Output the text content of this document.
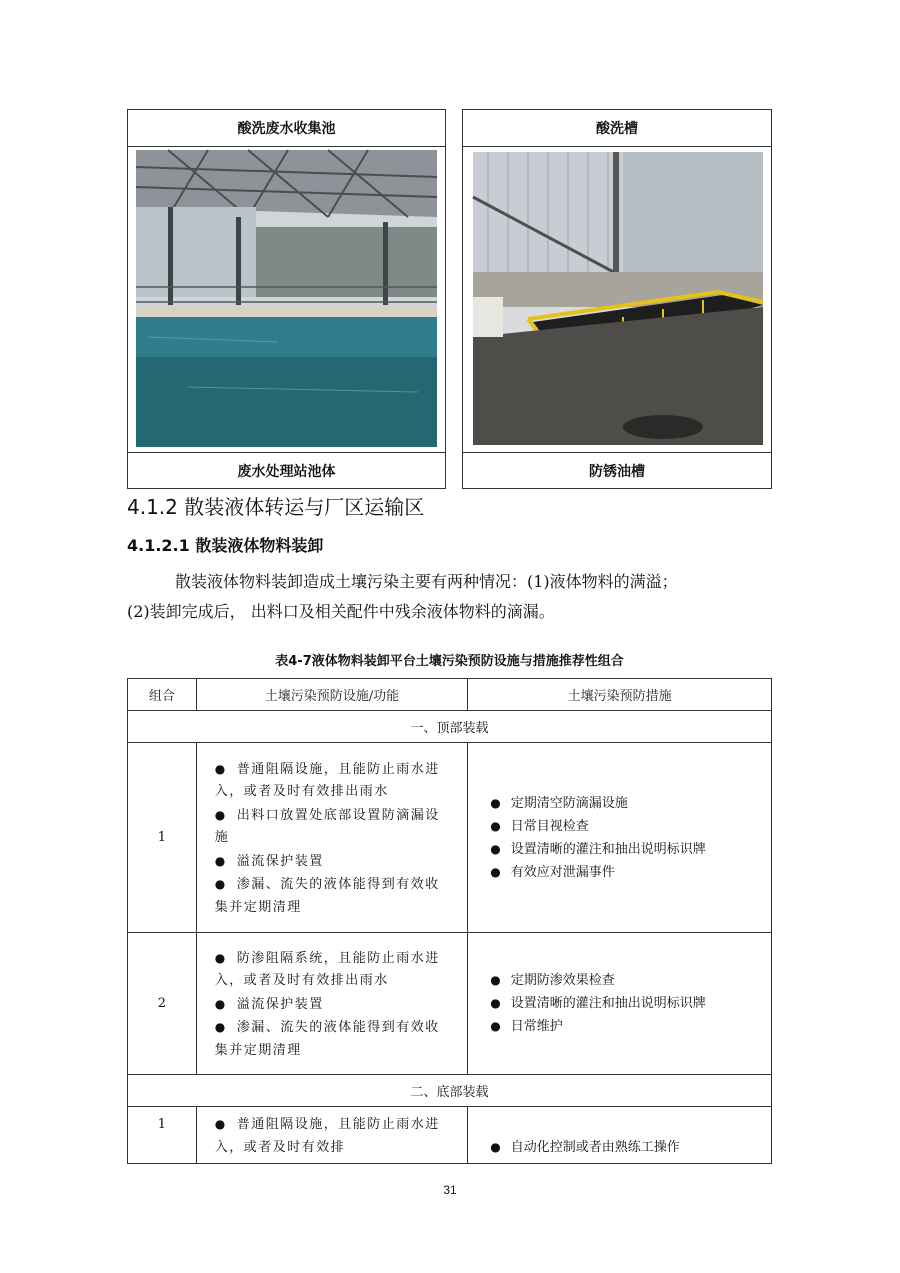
酸洗废水收集池	酸洗槽
废水处理站池体	防锈油槽
4.1.2 散装液体转运与厂区运输区
4.1.2.1 散装液体物料装卸
散装液体物料装卸造成土壤污染主要有两种情况：(1)液体物料的满溢；
(2)装卸完成后， 出料口及相关配件中残余液体物料的滴漏。
表4-7液体物料装卸平台土壤污染预防设施与措施推荐性组合
组合	土壤污染预防设施/功能	土壤污染预防措施
一、顶部装载		
1	● 普通阻隔设施，且能防止雨水进入，或者及时有效排出雨水
● 出料口放置处底部设置防滴漏设施
● 溢流保护装置
● 渗漏、流失的液体能得到有效收集并定期清理	● 定期清空防滴漏设施
● 日常目视检查
● 设置清晰的灌注和抽出说明标识牌
● 有效应对泄漏事件

2	● 防渗阻隔系统，且能防止雨水进入，或者及时有效排出雨水
● 溢流保护装置
● 渗漏、流失的液体能得到有效收集并定期清理	● 定期防渗效果检查
● 设置清晰的灌注和抽出说明标识牌
● 日常维护

二、底部装载		
1	● 普通阻隔设施，且能防止雨水进入，或者及时有效排	● 自动化控制或者由熟练工操作
31
